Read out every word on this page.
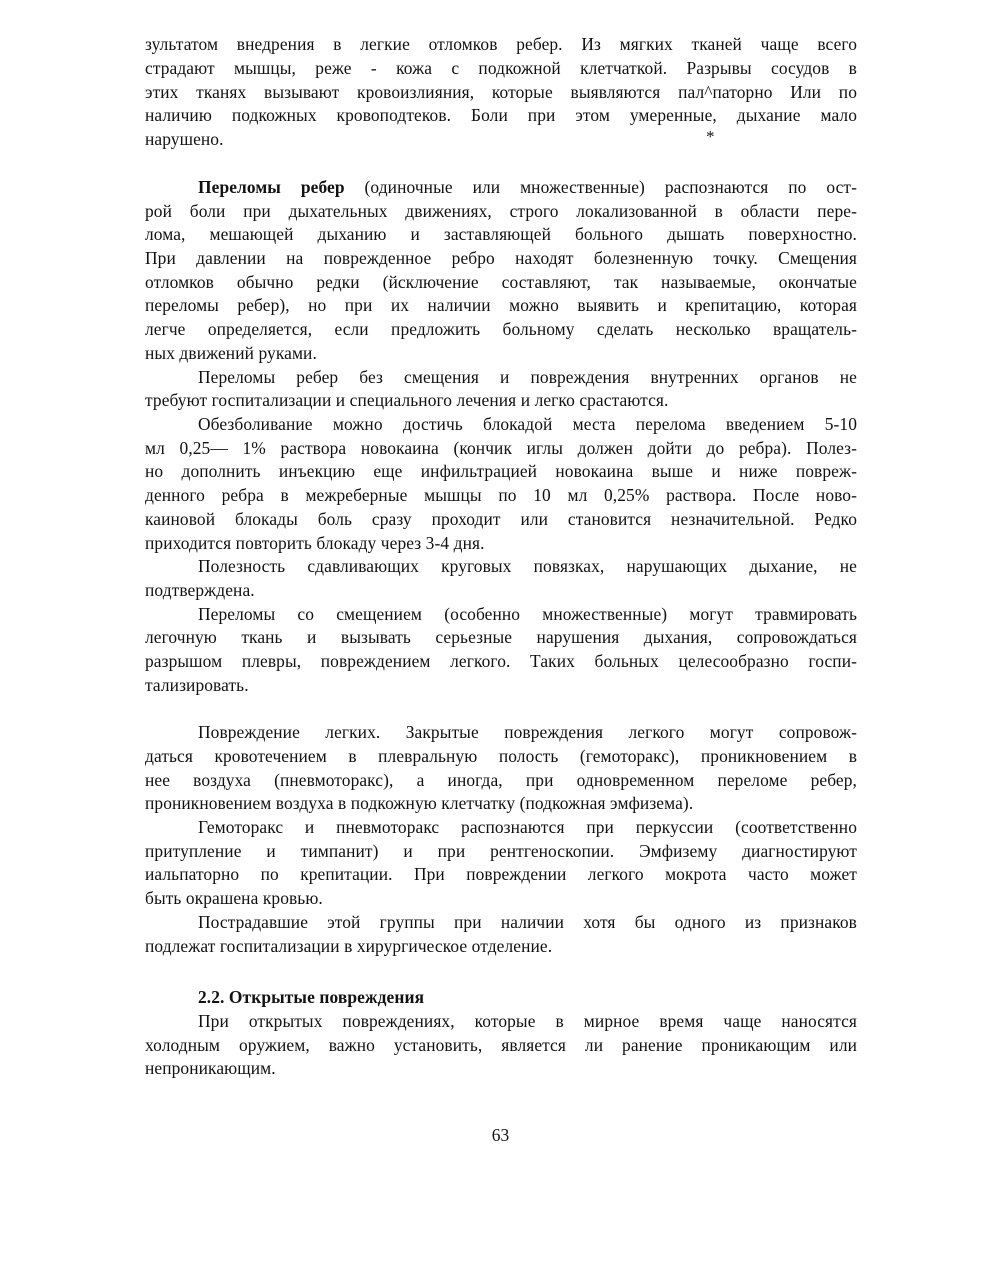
зультатом внедрения в легкие отломков ребер. Из мягких тканей чаще всего
страдают мышцы, реже - кожа с подкожной клетчаткой. Разрывы сосудов в
этих тканях вызывают кровоизлияния, которые выявляются пал^паторно Или по
наличию подкожных кровоподтеков. Боли при этом умеренные, дыхание мало
нарушено.	*
Переломы ребер (одиночные или множественные) распознаются по ост-
рой боли при дыхательных движениях, строго локализованной в области пере-
лома, мешающей дыханию и заставляющей больного дышать поверхностно.
При давлении на поврежденное ребро находят болезненную точку. Смещения
отломков обычно редки (йсключение составляют, так называемые, окончатые
переломы ребер), но при их наличии можно выявить и крепитацию, которая
легче определяется, если предложить больному сделать несколько вращатель-
ных движений руками.
Переломы ребер без смещения и повреждения внутренних органов не
требуют госпитализации и специального лечения и легко срастаются.
Обезболивание можно достичь блокадой места перелома введением 5-10
мл 0,25— 1% раствора новокаина (кончик иглы должен дойти до ребра). Полез-
но дополнить инъекцию еще инфильтрацией новокаина выше и ниже повреж-
денного ребра в межреберные мышцы по 10 мл 0,25% раствора. После ново-
каиновой блокады боль сразу проходит или становится незначительной. Редко
приходится повторить блокаду через 3-4 дня.
Полезность сдавливающих круговых повязках, нарушающих дыхание, не
подтверждена.
Переломы со смещением (особенно множественные) могут травмировать
легочную ткань и вызывать серьезные нарушения дыхания, сопровождаться
разрышом плевры, повреждением легкого. Таких больных целесообразно госпи-
тализировать.
Повреждение легких. Закрытые повреждения легкого могут сопровож-
даться кровотечением в плевральную полость (гемоторакс), проникновением в
нее воздуха (пневмоторакс), а иногда, при одновременном переломе ребер,
проникновением воздуха в подкожную клетчатку (подкожная эмфизема).
Гемоторакс и пневмоторакс распознаются при перкуссии (соответственно
притупление и тимпанит) и при рентгеноскопии. Эмфизему диагностируют
иальпаторно по крепитации. При повреждении легкого мокрота часто может
быть окрашена кровью.
Пострадавшие этой группы при наличии хотя бы одного из признаков
подлежат госпитализации в хирургическое отделение.
2.2. Открытые повреждения
При открытых повреждениях, которые в мирное время чаще наносятся
холодным оружием, важно установить, является ли ранение проникающим или
непроникающим.
63
